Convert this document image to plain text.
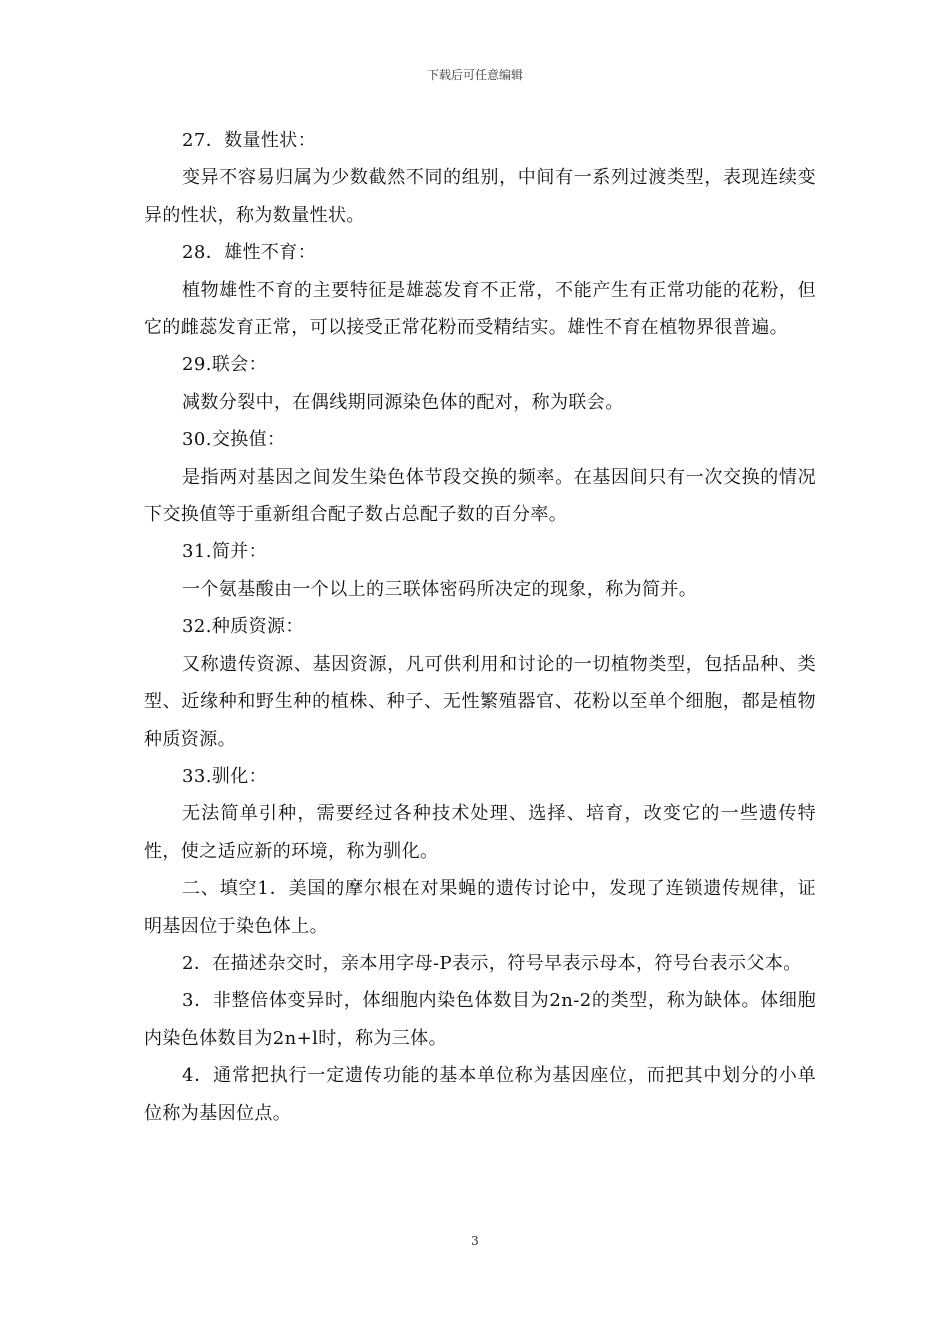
下载后可任意编辑

27．数量性状：

变异不容易归属为少数截然不同的组别，中间有一系列过渡类型，表现连续变异的性状，称为数量性状。

28．雄性不育：

植物雄性不育的主要特征是雄蕊发育不正常，不能产生有正常功能的花粉，但它的雌蕊发育正常，可以接受正常花粉而受精结实。雄性不育在植物界很普遍。

29.联会：

减数分裂中，在偶线期同源染色体的配对，称为联会。

30.交换值：

是指两对基因之间发生染色体节段交换的频率。在基因间只有一次交换的情况下交换值等于重新组合配子数占总配子数的百分率。

31.简并：

一个氨基酸由一个以上的三联体密码所决定的现象，称为简并。

32.种质资源：

又称遗传资源、基因资源，凡可供利用和讨论的一切植物类型，包括品种、类型、近缘种和野生种的植株、种子、无性繁殖器官、花粉以至单个细胞，都是植物种质资源。

33.驯化：

无法简单引种，需要经过各种技术处理、选择、培育，改变它的一些遗传特性，使之适应新的环境，称为驯化。

二、填空1．美国的摩尔根在对果蝇的遗传讨论中，发现了连锁遗传规律，证明基因位于染色体上。

2．在描述杂交时，亲本用字母-P表示，符号早表示母本，符号台表示父本。

3．非整倍体变异时，体细胞内染色体数目为2n-2的类型，称为缺体。体细胞内染色体数目为2n+l时，称为三体。

4．通常把执行一定遗传功能的基本单位称为基因座位，而把其中划分的小单位称为基因位点。

3
